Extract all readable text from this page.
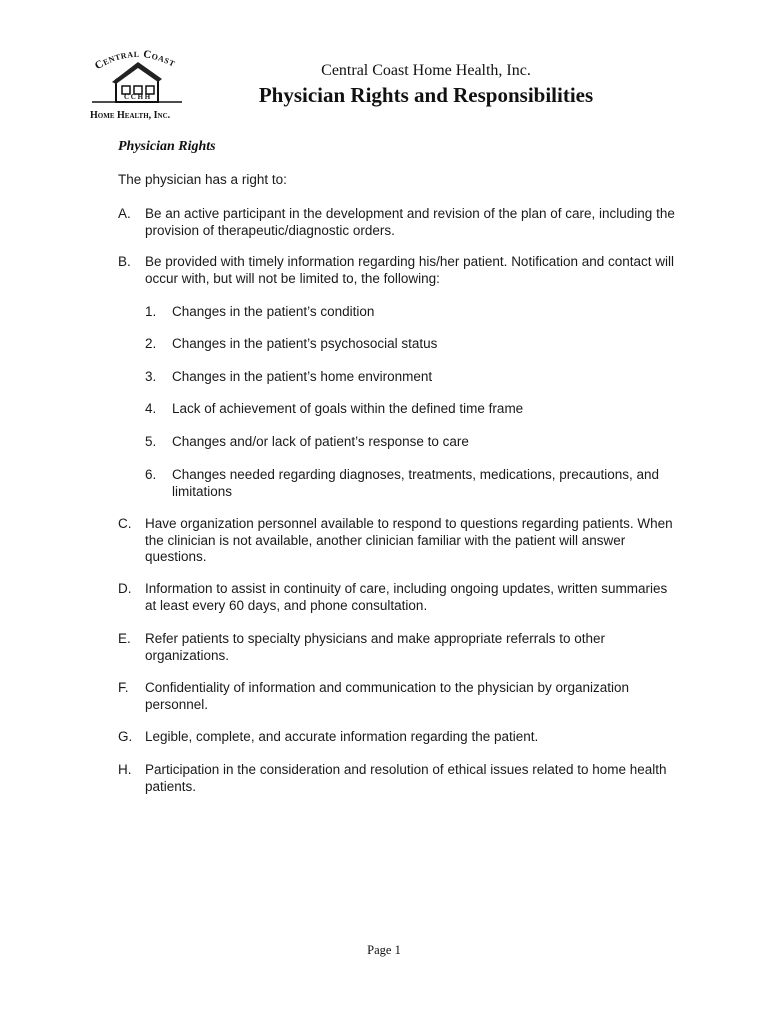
Central Coast
C C H H
Home Health, Inc.
Central Coast Home Health, Inc.
Physician Rights and Responsibilities
Physician Rights
The physician has a right to:
A. Be an active participant in the development and revision of the plan of care, including the provision of therapeutic/diagnostic orders.
B. Be provided with timely information regarding his/her patient. Notification and contact will occur with, but will not be limited to, the following:
1. Changes in the patient’s condition
2. Changes in the patient’s psychosocial status
3. Changes in the patient’s home environment
4. Lack of achievement of goals within the defined time frame
5. Changes and/or lack of patient’s response to care
6. Changes needed regarding diagnoses, treatments, medications, precautions, and limitations
C. Have organization personnel available to respond to questions regarding patients. When the clinician is not available, another clinician familiar with the patient will answer questions.
D. Information to assist in continuity of care, including ongoing updates, written summaries at least every 60 days, and phone consultation.
E. Refer patients to specialty physicians and make appropriate referrals to other organizations.
F. Confidentiality of information and communication to the physician by organization personnel.
G. Legible, complete, and accurate information regarding the patient.
H. Participation in the consideration and resolution of ethical issues related to home health patients.
Page 1
